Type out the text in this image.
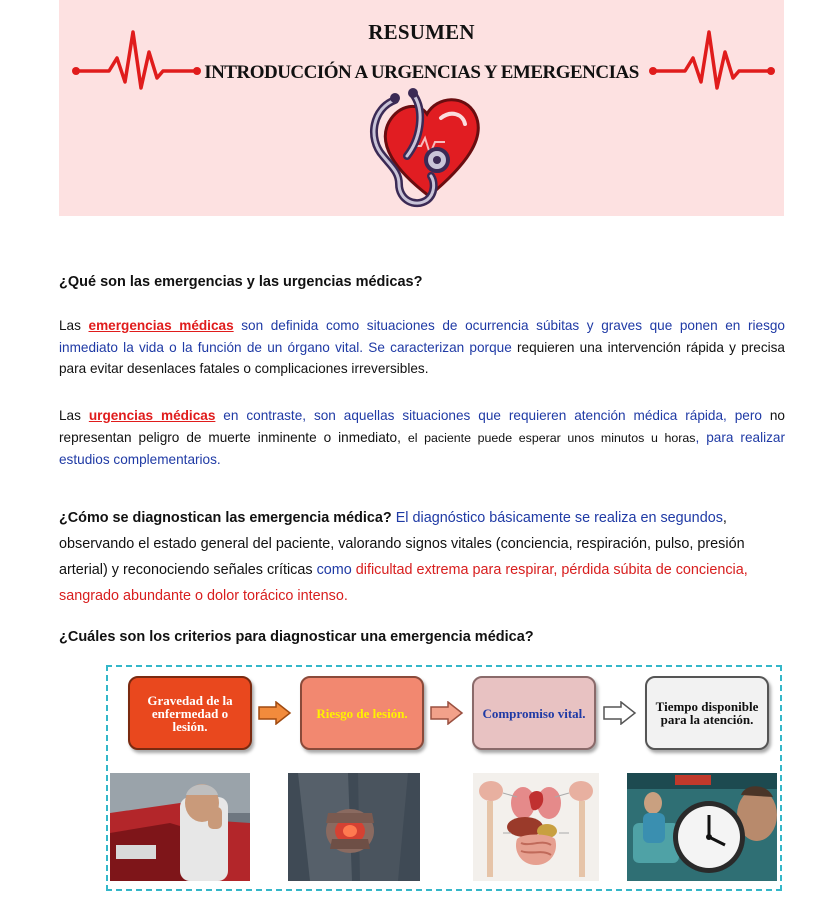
RESUMEN
INTRODUCCIÓN A URGENCIAS Y EMERGENCIAS
¿Qué son las emergencias y las urgencias médicas?

Las emergencias médicas son definida como situaciones de ocurrencia súbitas y graves que ponen en riesgo inmediato la vida o la función de un órgano vital. Se caracterizan porque requieren una intervención rápida y precisa para evitar desenlaces fatales o complicaciones irreversibles.

Las urgencias médicas en contraste, son aquellas situaciones que requieren atención médica rápida, pero no representan peligro de muerte inminente o inmediato, el paciente puede esperar unos minutos u horas, para realizar estudios complementarios.

¿Cómo se diagnostican las emergencia médica? El diagnóstico básicamente se realiza en segundos, observando el estado general del paciente, valorando signos vitales (conciencia, respiración, pulso, presión arterial) y reconociendo señales críticas como dificultad extrema para respirar, pérdida súbita de conciencia, sangrado abundante o dolor torácico intenso.

¿Cuáles son los criterios para diagnosticar una emergencia médica?
Gravedad de la enfermedad o lesión.
Riesgo de lesión.	Compromiso vital.	Tiempo disponible para la atención.
